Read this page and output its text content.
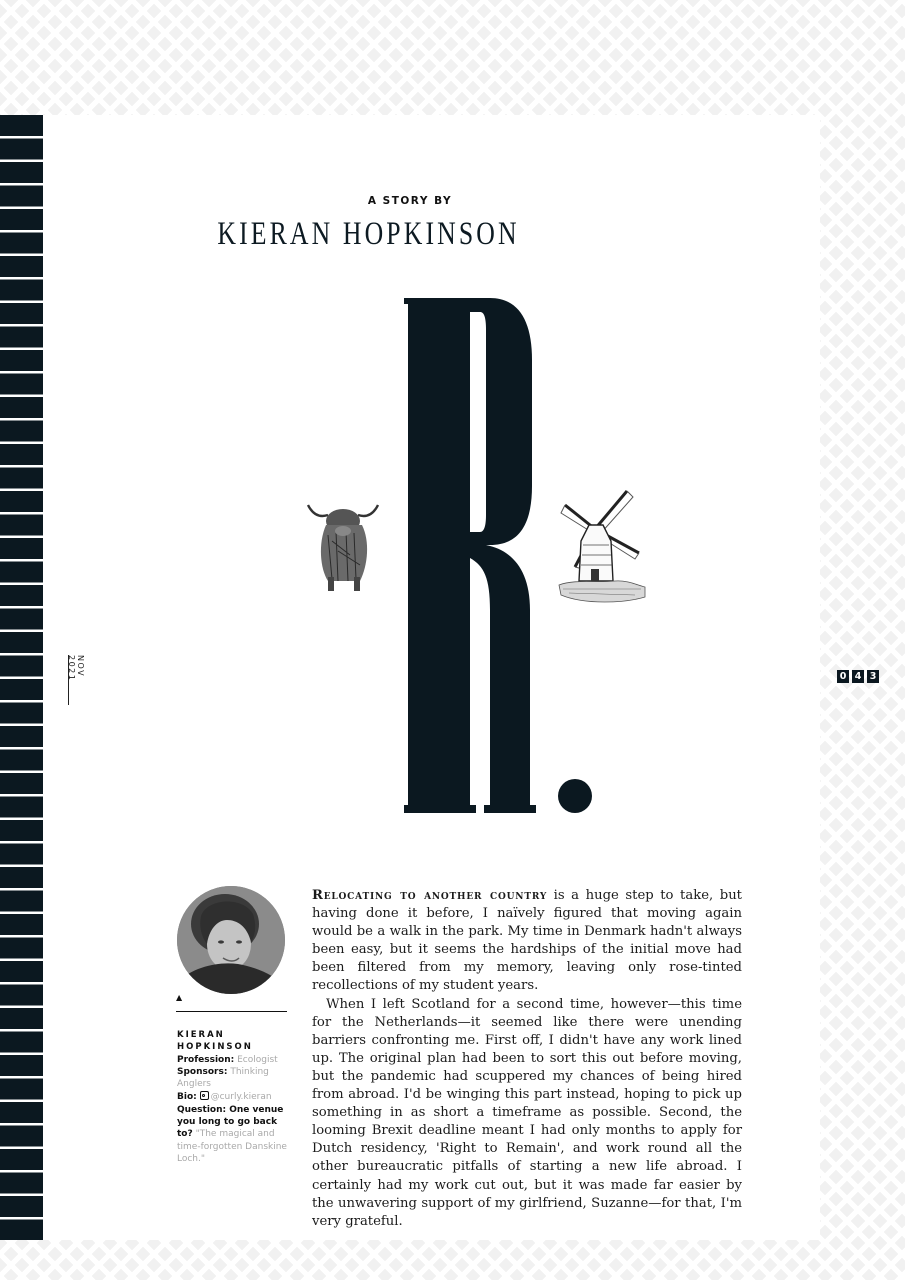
NOV 2021
A STORY BY
KIERAN HOPKINSON
0 4 3
▲
KIERAN HOPKINSON
Profession: Ecologist
Sponsors: Thinking Anglers
Bio: @curly.kieran
Question: One venue you long to go back to? "The magical and time-forgotten Danskine Loch."

Relocating to another country is a huge step to take, but having done it before, I naïvely figured that moving again would be a walk in the park. My time in Denmark hadn't always been easy, but it seems the hardships of the initial move had been filtered from my memory, leaving only rose-tinted recollections of my student years.

When I left Scotland for a second time, however—this time for the Netherlands—it seemed like there were unending barriers confronting me. First off, I didn't have any work lined up. The original plan had been to sort this out before moving, but the pandemic had scuppered my chances of being hired from abroad. I'd be winging this part instead, hoping to pick up something in as short a timeframe as possible. Second, the looming Brexit deadline meant I had only months to apply for Dutch residency, 'Right to Remain', and work round all the other bureaucratic pitfalls of starting a new life abroad. I certainly had my work cut out, but it was made far easier by the unwavering support of my girlfriend, Suzanne—for that, I'm very grateful.
